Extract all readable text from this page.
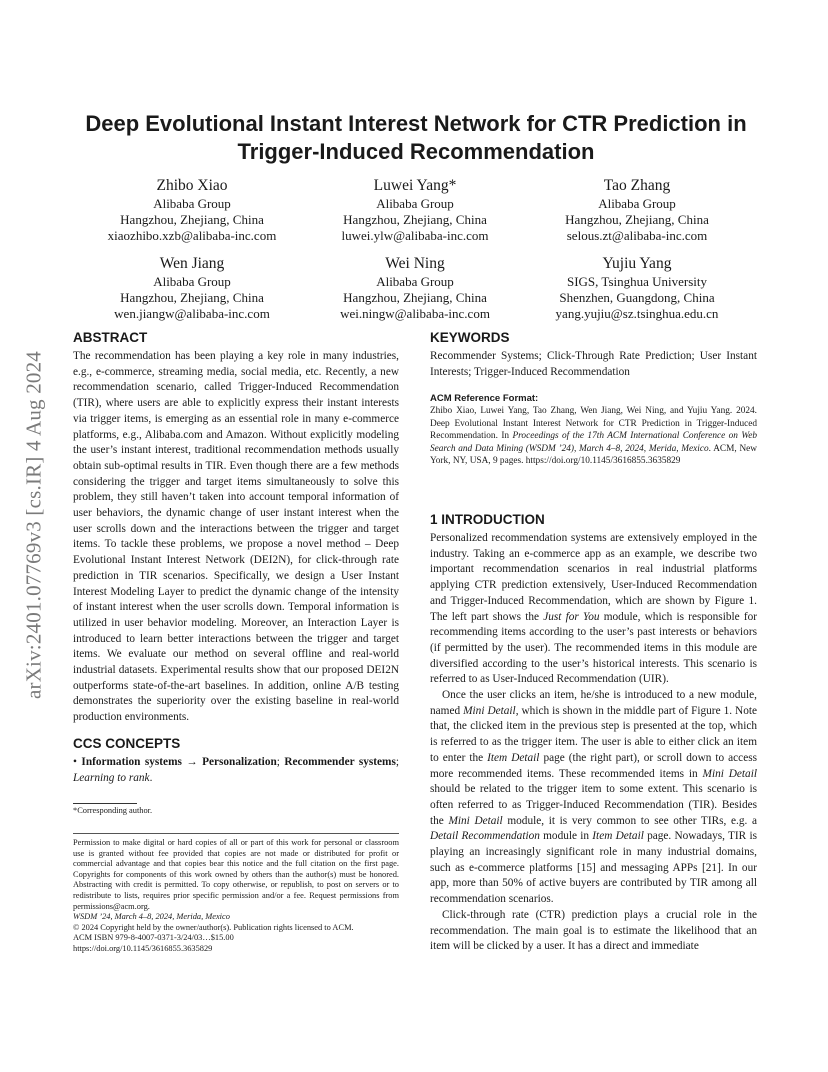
arXiv:2401.07769v3 [cs.IR] 4 Aug 2024
Deep Evolutional Instant Interest Network for CTR Prediction in Trigger-Induced Recommendation
Zhibo Xiao
Alibaba Group
Hangzhou, Zhejiang, China
xiaozhibo.xzb@alibaba-inc.com
Luwei Yang*
Alibaba Group
Hangzhou, Zhejiang, China
luwei.ylw@alibaba-inc.com
Tao Zhang
Alibaba Group
Hangzhou, Zhejiang, China
selous.zt@alibaba-inc.com
Wen Jiang
Alibaba Group
Hangzhou, Zhejiang, China
wen.jiangw@alibaba-inc.com
Wei Ning
Alibaba Group
Hangzhou, Zhejiang, China
wei.ningw@alibaba-inc.com
Yujiu Yang
SIGS, Tsinghua University
Shenzhen, Guangdong, China
yang.yujiu@sz.tsinghua.edu.cn
ABSTRACT

The recommendation has been playing a key role in many industries, e.g., e-commerce, streaming media, social media, etc. Recently, a new recommendation scenario, called Trigger-Induced Recommendation (TIR), where users are able to explicitly express their instant interests via trigger items, is emerging as an essential role in many e-commerce platforms, e.g., Alibaba.com and Amazon. Without explicitly modeling the user’s instant interest, traditional recommendation methods usually obtain sub-optimal results in TIR. Even though there are a few methods considering the trigger and target items simultaneously to solve this problem, they still haven’t taken into account temporal information of user behaviors, the dynamic change of user instant interest when the user scrolls down and the interactions between the trigger and target items. To tackle these problems, we propose a novel method – Deep Evolutional Instant Interest Network (DEI2N), for click-through rate prediction in TIR scenarios. Specifically, we design a User Instant Interest Modeling Layer to predict the dynamic change of the intensity of instant interest when the user scrolls down. Temporal information is utilized in user behavior modeling. Moreover, an Interaction Layer is introduced to learn better interactions between the trigger and target items. We evaluate our method on several offline and real-world industrial datasets. Experimental results show that our proposed DEI2N outperforms state-of-the-art baselines. In addition, online A/B testing demonstrates the superiority over the existing baseline in real-world production environments.

CCS CONCEPTS
• Information systems → Personalization; Recommender systems; Learning to rank.
*Corresponding author.
Permission to make digital or hard copies of all or part of this work for personal or classroom use is granted without fee provided that copies are not made or distributed for profit or commercial advantage and that copies bear this notice and the full citation on the first page. Copyrights for components of this work owned by others than the author(s) must be honored. Abstracting with credit is permitted. To copy otherwise, or republish, to post on servers or to redistribute to lists, requires prior specific permission and/or a fee. Request permissions from permissions@acm.org.
WSDM ’24, March 4–8, 2024, Merida, Mexico
© 2024 Copyright held by the owner/author(s). Publication rights licensed to ACM.
ACM ISBN 979-8-4007-0371-3/24/03…$15.00
https://doi.org/10.1145/3616855.3635829
KEYWORDS
Recommender Systems; Click-Through Rate Prediction; User Instant Interests; Trigger-Induced Recommendation
ACM Reference Format:
Zhibo Xiao, Luwei Yang, Tao Zhang, Wen Jiang, Wei Ning, and Yujiu Yang. 2024. Deep Evolutional Instant Interest Network for CTR Prediction in Trigger-Induced Recommendation. In Proceedings of the 17th ACM International Conference on Web Search and Data Mining (WSDM ’24), March 4–8, 2024, Merida, Mexico. ACM, New York, NY, USA, 9 pages. https://doi.org/10.1145/3616855.3635829
1 INTRODUCTION

Personalized recommendation systems are extensively employed in the industry. Taking an e-commerce app as an example, we describe two important recommendation scenarios in real industrial platforms applying CTR prediction extensively, User-Induced Recommendation and Trigger-Induced Recommendation, which are shown by Figure 1. The left part shows the Just for You module, which is responsible for recommending items according to the user’s past interests or behaviors (if permitted by the user). The recommended items in this module are diversified according to the user’s historical interests. This scenario is referred to as User-Induced Recommendation (UIR).

Once the user clicks an item, he/she is introduced to a new module, named Mini Detail, which is shown in the middle part of Figure 1. Note that, the clicked item in the previous step is presented at the top, which is referred to as the trigger item. The user is able to either click an item to enter the Item Detail page (the right part), or scroll down to access more recommended items. These recommended items in Mini Detail should be related to the trigger item to some extent. This scenario is often referred to as Trigger-Induced Recommendation (TIR). Besides the Mini Detail module, it is very common to see other TIRs, e.g. a Detail Recommendation module in Item Detail page. Nowadays, TIR is playing an increasingly significant role in many industrial domains, such as e-commerce platforms [15] and messaging APPs [21]. In our app, more than 50% of active buyers are contributed by TIR among all recommendation scenarios.

Click-through rate (CTR) prediction plays a crucial role in the recommendation. The main goal is to estimate the likelihood that an item will be clicked by a user. It has a direct and immediate
